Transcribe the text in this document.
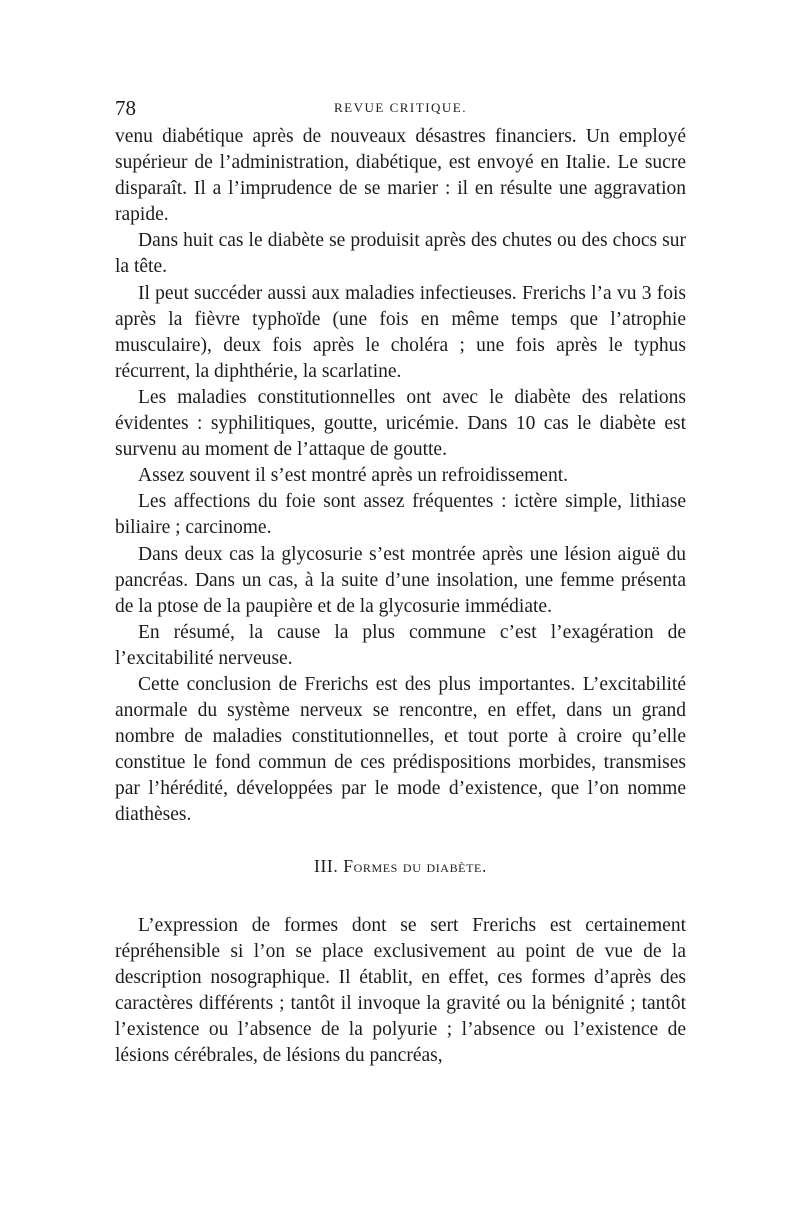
78	REVUE CRITIQUE.

venu diabétique après de nouveaux désastres financiers. Un employé supérieur de l’administration, diabétique, est envoyé en Italie. Le sucre disparaît. Il a l’imprudence de se marier : il en résulte une aggravation rapide.

Dans huit cas le diabète se produisit après des chutes ou des chocs sur la tête.

Il peut succéder aussi aux maladies infectieuses. Frerichs l’a vu 3 fois après la fièvre typhoïde (une fois en même temps que l’atrophie musculaire), deux fois après le choléra ; une fois après le typhus récurrent, la diphthérie, la scarlatine.

Les maladies constitutionnelles ont avec le diabète des relations évidentes : syphilitiques, goutte, uricémie. Dans 10 cas le diabète est survenu au moment de l’attaque de goutte.

Assez souvent il s’est montré après un refroidissement.

Les affections du foie sont assez fréquentes : ictère simple, lithiase biliaire ; carcinome.

Dans deux cas la glycosurie s’est montrée après une lésion aiguë du pancréas. Dans un cas, à la suite d’une insolation, une femme présenta de la ptose de la paupière et de la glycosurie immédiate.

En résumé, la cause la plus commune c’est l’exagération de l’excitabilité nerveuse.

Cette conclusion de Frerichs est des plus importantes. L’excitabilité anormale du système nerveux se rencontre, en effet, dans un grand nombre de maladies constitutionnelles, et tout porte à croire qu’elle constitue le fond commun de ces prédispositions morbides, transmises par l’hérédité, développées par le mode d’existence, que l’on nomme diathèses.

III. Formes du diabète.

L’expression de formes dont se sert Frerichs est certainement répréhensible si l’on se place exclusivement au point de vue de la description nosographique. Il établit, en effet, ces formes d’après des caractères différents ; tantôt il invoque la gravité ou la bénignité ; tantôt l’existence ou l’absence de la polyurie ; l’absence ou l’existence de lésions cérébrales, de lésions du pancréas,
